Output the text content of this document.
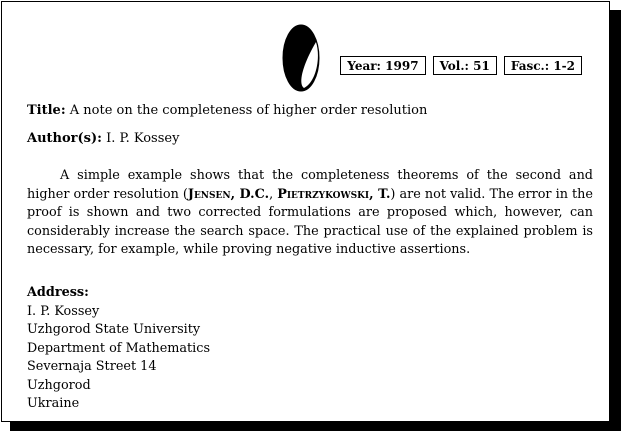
Year: 1997	Vol.: 51	Fasc.: 1-2
Title: A note on the completeness of higher order resolution
Author(s): I. P. Kossey
A simple example shows that the completeness theorems of the second and higher order resolution (Jensen, D.C., Pietrzykowski, T.) are not valid. The error in the proof is shown and two corrected formulations are proposed which, however, can considerably increase the search space. The practical use of the explained problem is necessary, for example, while proving negative inductive assertions.
Address:
I. P. Kossey
Uzhgorod State University
Department of Mathematics
Severnaja Street 14
Uzhgorod
Ukraine
